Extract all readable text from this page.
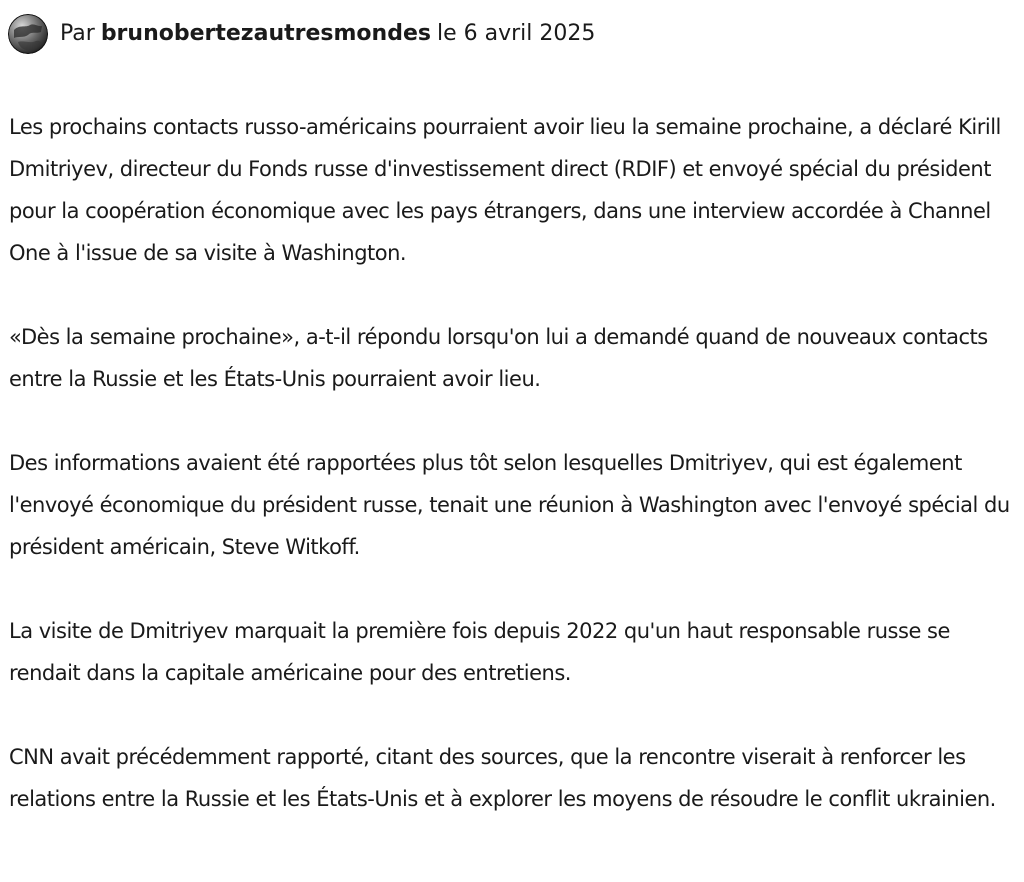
Par brunobertezautresmondes le 6 avril 2025

Les prochains contacts russo-américains pourraient avoir lieu la semaine prochaine, a déclaré Kirill Dmitriyev, directeur du Fonds russe d'investissement direct (RDIF) et envoyé spécial du président pour la coopération économique avec les pays étrangers, dans une interview accordée à Channel One à l'issue de sa visite à Washington.

«Dès la semaine prochaine», a-t-il répondu lorsqu'on lui a demandé quand de nouveaux contacts entre la Russie et les États-Unis pourraient avoir lieu.

Des informations avaient été rapportées plus tôt selon lesquelles Dmitriyev, qui est également l'envoyé économique du président russe, tenait une réunion à Washington avec l'envoyé spécial du président américain, Steve Witkoff.

La visite de Dmitriyev marquait la première fois depuis 2022 qu'un haut responsable russe se rendait dans la capitale américaine pour des entretiens.

CNN avait précédemment rapporté, citant des sources, que la rencontre viserait à renforcer les relations entre la Russie et les États-Unis et à explorer les moyens de résoudre le conflit ukrainien.
